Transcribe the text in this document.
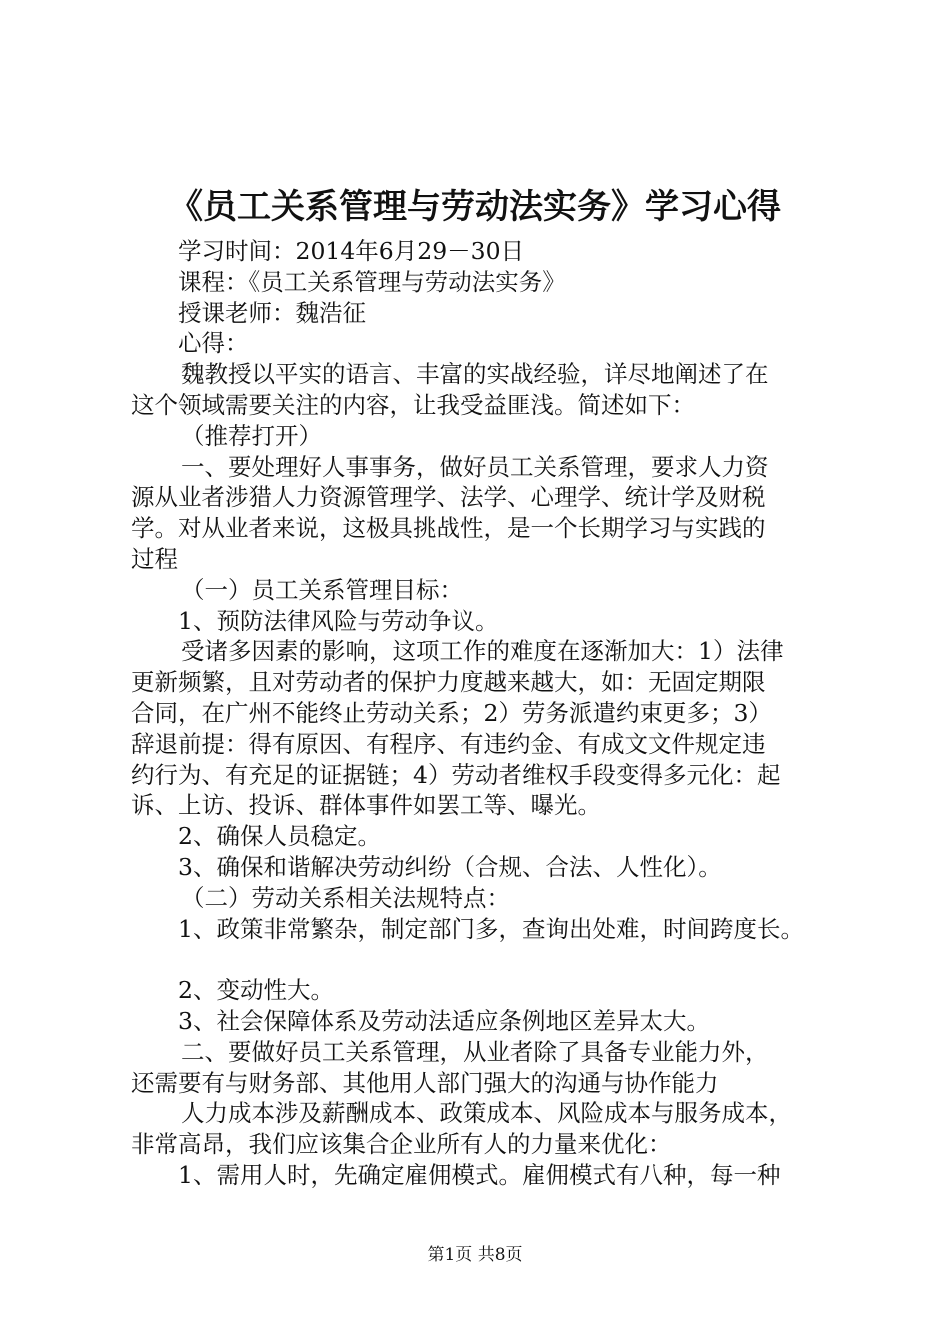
《员工关系管理与劳动法实务》学习心得
学习时间：2014年6月29－30日
课程：《员工关系管理与劳动法实务》
授课老师：魏浩征
心得：
魏教授以平实的语言、丰富的实战经验，详尽地阐述了在
这个领域需要关注的内容，让我受益匪浅。简述如下：
（推荐打开）
一、要处理好人事事务，做好员工关系管理，要求人力资
源从业者涉猎人力资源管理学、法学、心理学、统计学及财税
学。对从业者来说，这极具挑战性，是一个长期学习与实践的
过程
（一）员工关系管理目标：
1、预防法律风险与劳动争议。
受诸多因素的影响，这项工作的难度在逐渐加大：1）法律
更新频繁，且对劳动者的保护力度越来越大，如：无固定期限
合同，在广州不能终止劳动关系；2）劳务派遣约束更多；3）
辞退前提：得有原因、有程序、有违约金、有成文文件规定违
约行为、有充足的证据链；4）劳动者维权手段变得多元化：起
诉、上访、投诉、群体事件如罢工等、曝光。
2、确保人员稳定。
3、确保和谐解决劳动纠纷（合规、合法、人性化）。
（二）劳动关系相关法规特点：
1、政策非常繁杂，制定部门多，查询出处难，时间跨度长。
2、变动性大。
3、社会保障体系及劳动法适应条例地区差异太大。
二、要做好员工关系管理，从业者除了具备专业能力外，
还需要有与财务部、其他用人部门强大的沟通与协作能力
人力成本涉及薪酬成本、政策成本、风险成本与服务成本，
非常高昂，我们应该集合企业所有人的力量来优化：
1、需用人时，先确定雇佣模式。雇佣模式有八种，每一种
第1页 共8页
